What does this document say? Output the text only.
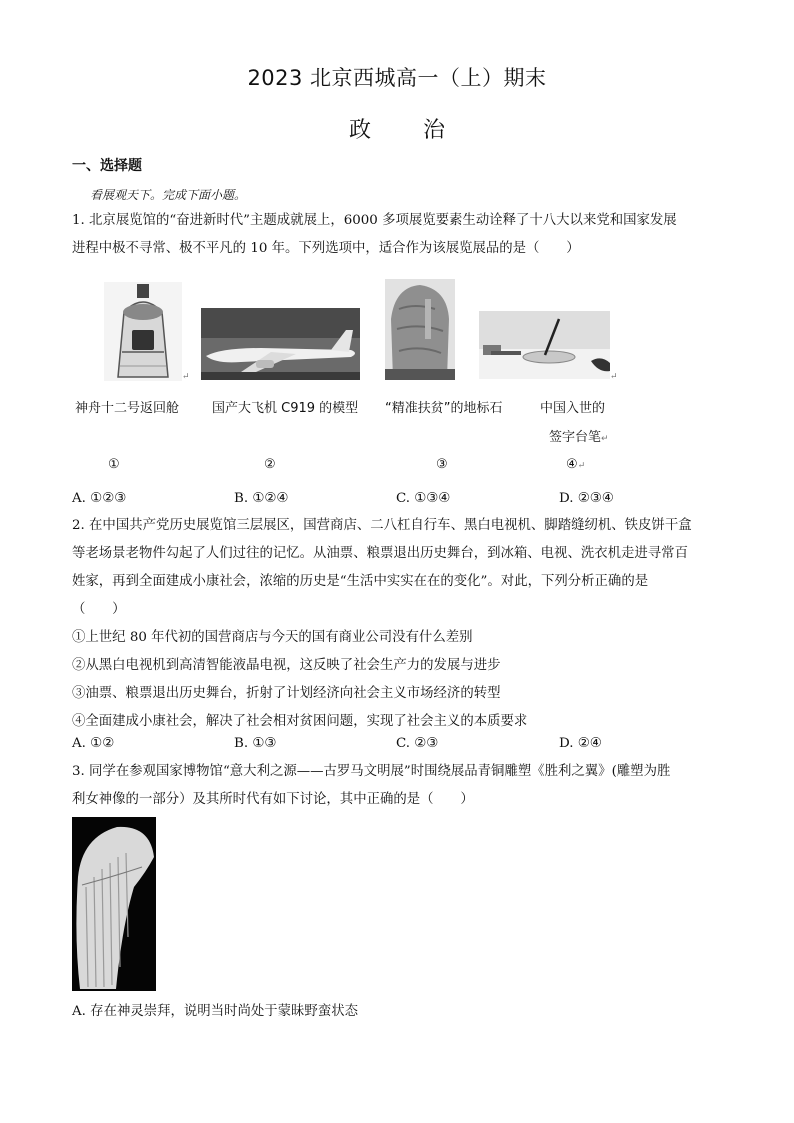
2023 北京西城高一（上）期末
政 治
一、选择题
看展观天下。完成下面小题。
1. 北京展览馆的“奋进新时代”主题成就展上，6000 多项展览要素生动诠释了十八大以来党和国家发展
进程中极不寻常、极不平凡的 10 年。下列选项中，适合作为该展览展品的是（　　）
↵	↵
神舟十二号返回舱	国产大飞机 C919 的模型 “精准扶贫”的地标石	中国入世的
签字台笔↵
①	②	③	④↵
A. ①②③	B. ①②④	C. ①③④	D. ②③④
2. 在中国共产党历史展览馆三层展区，国营商店、二八杠自行车、黑白电视机、脚踏缝纫机、铁皮饼干盒
等老场景老物件勾起了人们过往的记忆。从油票、粮票退出历史舞台，到冰箱、电视、洗衣机走进寻常百
姓家，再到全面建成小康社会，浓缩的历史是“生活中实实在在的变化”。对此，下列分析正确的是
（　　）
①上世纪 80 年代初的国营商店与今天的国有商业公司没有什么差别
②从黑白电视机到高清智能液晶电视，这反映了社会生产力的发展与进步
③油票、粮票退出历史舞台，折射了计划经济向社会主义市场经济的转型
④全面建成小康社会，解决了社会相对贫困问题，实现了社会主义的本质要求
A. ①②	B. ①③	C. ②③	D. ②④
3. 同学在参观国家博物馆“意大利之源——古罗马文明展”时围绕展品青铜雕塑《胜利之翼》(雕塑为胜
利女神像的一部分）及其所时代有如下讨论，其中正确的是（　　）
A. 存在神灵崇拜，说明当时尚处于蒙昧野蛮状态
